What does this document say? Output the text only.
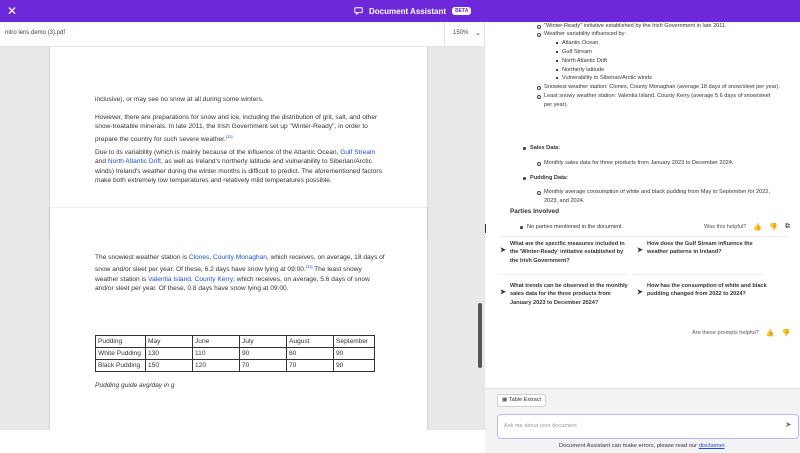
✕	Document Assistant	BETA
nitro lens demo (3).pdf	150% ⌄

inclusive), or may see no snow at all during some winters.

However, there are preparations for snow and ice, including the distribution of grit, salt, and other snow-treatable minerals. In late 2011, the Irish Government set up "Winter-Ready", in order to prepare the country for such severe weather.[32]

Due to its variability (which is mainly because of the influence of the Atlantic Ocean, Gulf Stream and North Atlantic Drift, as well as Ireland's northerly latitude and vulnerability to Siberian/Arctic winds) Ireland's weather during the winter months is difficult to predict. The aforementioned factors make both extremely low temperatures and relatively mild temperatures possible.

The snowiest weather station is Clones, County Monaghan, which receives, on average, 18 days of snow and/or sleet per year. Of these, 6.2 days have snow lying at 09:00.[33] The least snowy weather station is Valentia Island, County Kerry; which receives, on average, 5.6 days of snow and/or sleet per year. Of these, 0.8 days have snow lying at 09:00.

Pudding	May	June	July	August	September
White Pudding	130	110	90	80	90
Black Pudding	150	120	70	70	90
Pudding guide avg/day in g
"Winter-Ready" initiative established by the Irish Government in late 2011.
Weather variability influenced by:
Atlantic Ocean
Gulf Stream
North Atlantic Drift
Northerly latitude
Vulnerability to Siberian/Arctic winds
Snowiest weather station: Clones, County Monaghan (average 18 days of snow/sleet per year).
Least snowy weather station: Valentia Island, County Kerry (average 5.6 days of snow/sleet
per year).
Sales Data:
Monthly sales data for three products from January 2023 to December 2024.
Pudding Data:
Monthly average consumption of white and black pudding from May to September for 2022,
2023, and 2024.
Parties Involved
No parties mentioned in the document.	Was this helpful? 👍 👎 ⧉
➤
What are the specific measures included in the 'Winter-Ready' initiative established by the Irish Government?
➤
How does the Gulf Stream influence the weather patterns in Ireland?
➤
What trends can be observed in the monthly sales data for the three products from January 2023 to December 2024?
➤
How has the consumption of white and black pudding changed from 2022 to 2024?
Are these prompts helpful? 👍 👎
▦ Table Extract
Ask me about your document	➤
Document Assistant can make errors, please read our disclaimer.
